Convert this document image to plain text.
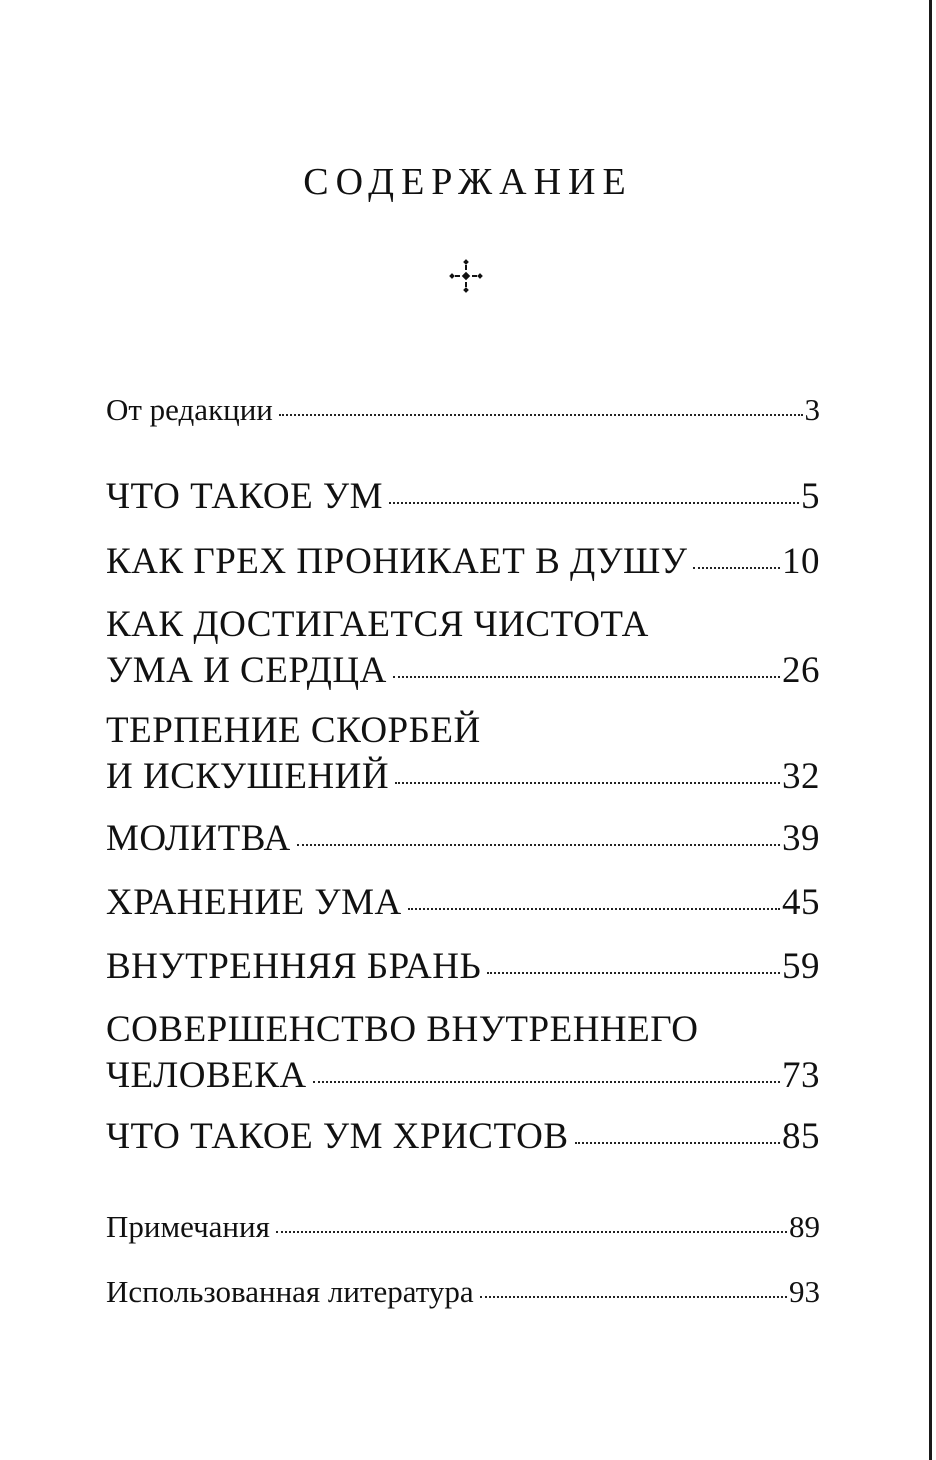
СОДЕРЖАНИЕ
От редакции	3
ЧТО ТАКОЕ УМ	5
КАК ГРЕХ ПРОНИКАЕТ В ДУШУ	10
КАК ДОСТИГАЕТСЯ ЧИСТОТА
УМА И СЕРДЦА	26
ТЕРПЕНИЕ СКОРБЕЙ
И ИСКУШЕНИЙ	32
МОЛИТВА	39
ХРАНЕНИЕ УМА	45
ВНУТРЕННЯЯ БРАНЬ	59
СОВЕРШЕНСТВО ВНУТРЕННЕГО
ЧЕЛОВЕКА	73
ЧТО ТАКОЕ УМ ХРИСТОВ	85
Примечания	89
Использованная литература	93
